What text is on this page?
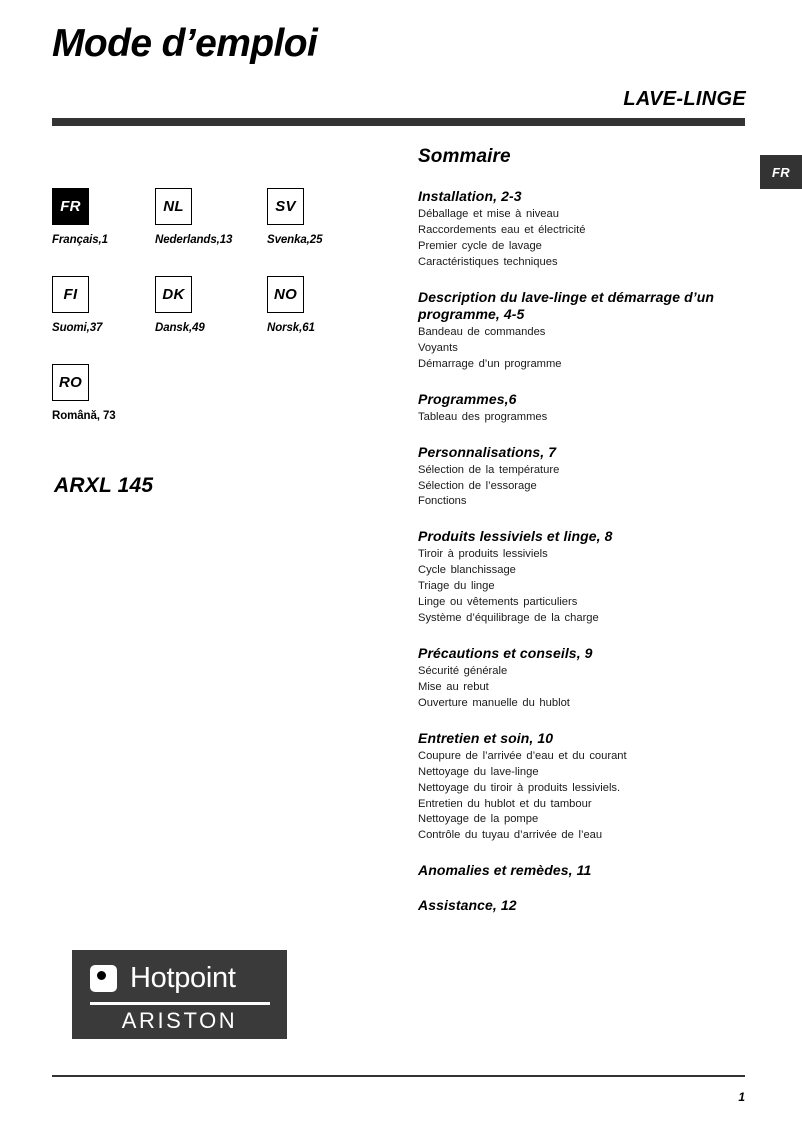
Mode d’emploi
LAVE-LINGE
FR
FR
Français,1
NL
Nederlands,13
SV
Svenka,25
FI
Suomi,37
DK
Dansk,49
NO
Norsk,61
RO
Română, 73
ARXL 145
Sommaire
Installation, 2-3
Déballage et mise à niveau
Raccordements eau et électricité
Premier cycle de lavage
Caractéristiques techniques
Description du lave-linge et démarrage d’un programme, 4-5
Bandeau de commandes
Voyants
Démarrage d’un programme
Programmes,6
Tableau des programmes
Personnalisations, 7
Sélection de la température
Sélection de l’essorage
Fonctions
Produits lessiviels et linge, 8
Tiroir à produits lessiviels
Cycle blanchissage
Triage du linge
Linge ou vêtements particuliers
Système d’équilibrage de la charge
Précautions et conseils, 9
Sécurité générale
Mise au rebut
Ouverture manuelle du hublot
Entretien et soin, 10
Coupure de l’arrivée d’eau et du courant
Nettoyage du lave-linge
Nettoyage du tiroir à produits lessiviels.
Entretien du hublot et du tambour
Nettoyage de la pompe
Contrôle du tuyau d’arrivée de l’eau
Anomalies et remèdes, 11
Assistance, 12
Hotpoint
ARISTON
1
